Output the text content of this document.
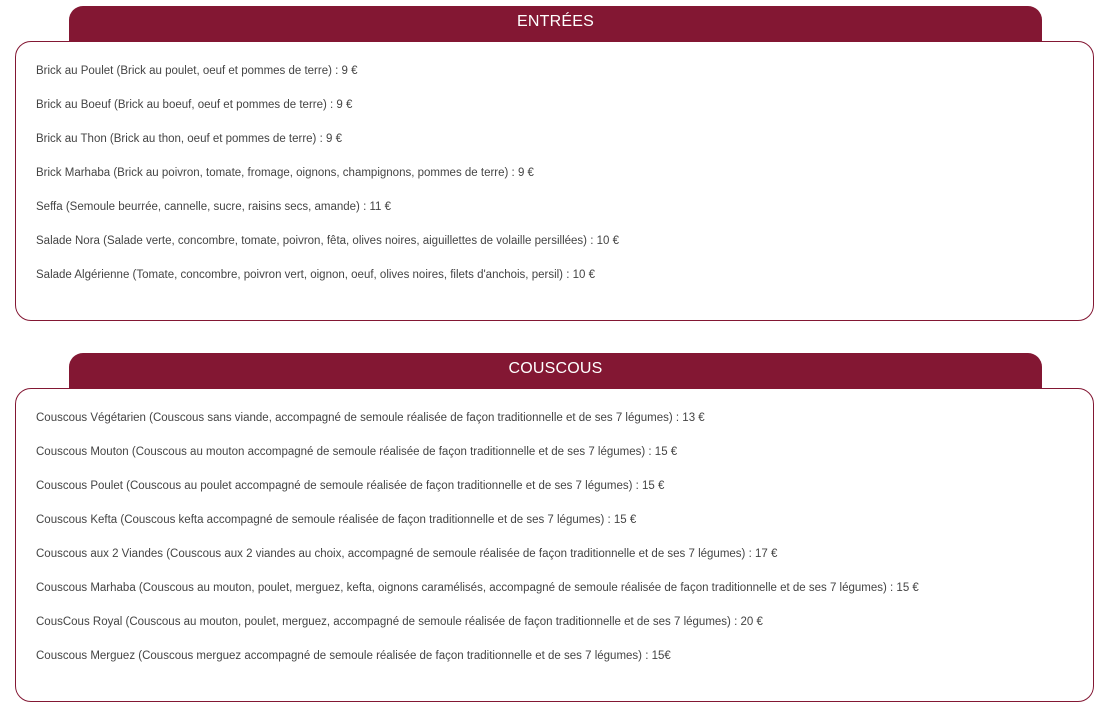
ENTRÉES
Brick au Poulet (Brick au poulet, oeuf et pommes de terre) : 9 €
Brick au Boeuf (Brick au boeuf, oeuf et pommes de terre) : 9 €
Brick au Thon (Brick au thon, oeuf et pommes de terre) : 9 €
Brick Marhaba (Brick au poivron, tomate, fromage, oignons, champignons, pommes de terre) : 9 €
Seffa (Semoule beurrée, cannelle, sucre, raisins secs, amande) : 11 €
Salade Nora (Salade verte, concombre, tomate, poivron, fêta, olives noires, aiguillettes de volaille persillées) : 10 €
Salade Algérienne (Tomate, concombre, poivron vert, oignon, oeuf, olives noires, filets d'anchois, persil) : 10 €
COUSCOUS
Couscous Végétarien (Couscous sans viande, accompagné de semoule réalisée de façon traditionnelle et de ses 7 légumes) : 13 €
Couscous Mouton (Couscous au mouton accompagné de semoule réalisée de façon traditionnelle et de ses 7 légumes) : 15 €
Couscous Poulet (Couscous au poulet accompagné de semoule réalisée de façon traditionnelle et de ses 7 légumes) : 15 €
Couscous Kefta (Couscous kefta accompagné de semoule réalisée de façon traditionnelle et de ses 7 légumes) : 15 €
Couscous aux 2 Viandes (Couscous aux 2 viandes au choix, accompagné de semoule réalisée de façon traditionnelle et de ses 7 légumes) : 17 €
Couscous Marhaba (Couscous au mouton, poulet, merguez, kefta, oignons caramélisés, accompagné de semoule réalisée de façon traditionnelle et de ses 7 légumes) : 15 €
CousCous Royal (Couscous au mouton, poulet, merguez, accompagné de semoule réalisée de façon traditionnelle et de ses 7 légumes) : 20 €
Couscous Merguez (Couscous merguez accompagné de semoule réalisée de façon traditionnelle et de ses 7 légumes) : 15€
